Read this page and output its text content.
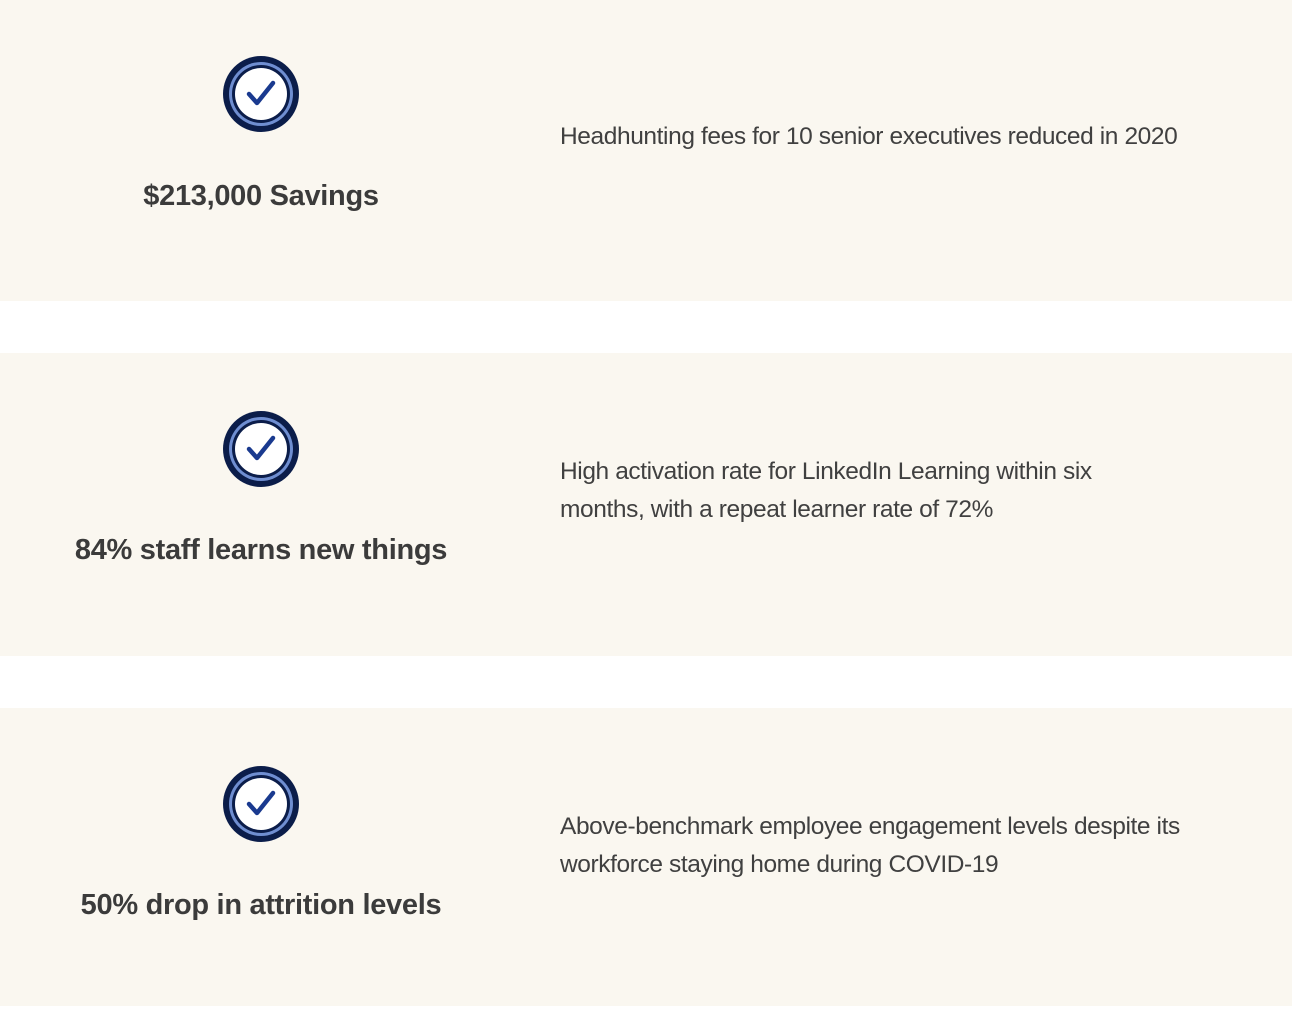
$213,000 Savings
Headhunting fees for 10 senior executives reduced in 2020
84% staff learns new things
High activation rate for LinkedIn Learning within six months, with a repeat learner rate of 72%
50% drop in attrition levels
Above-benchmark employee engagement levels despite its workforce staying home during COVID-19
